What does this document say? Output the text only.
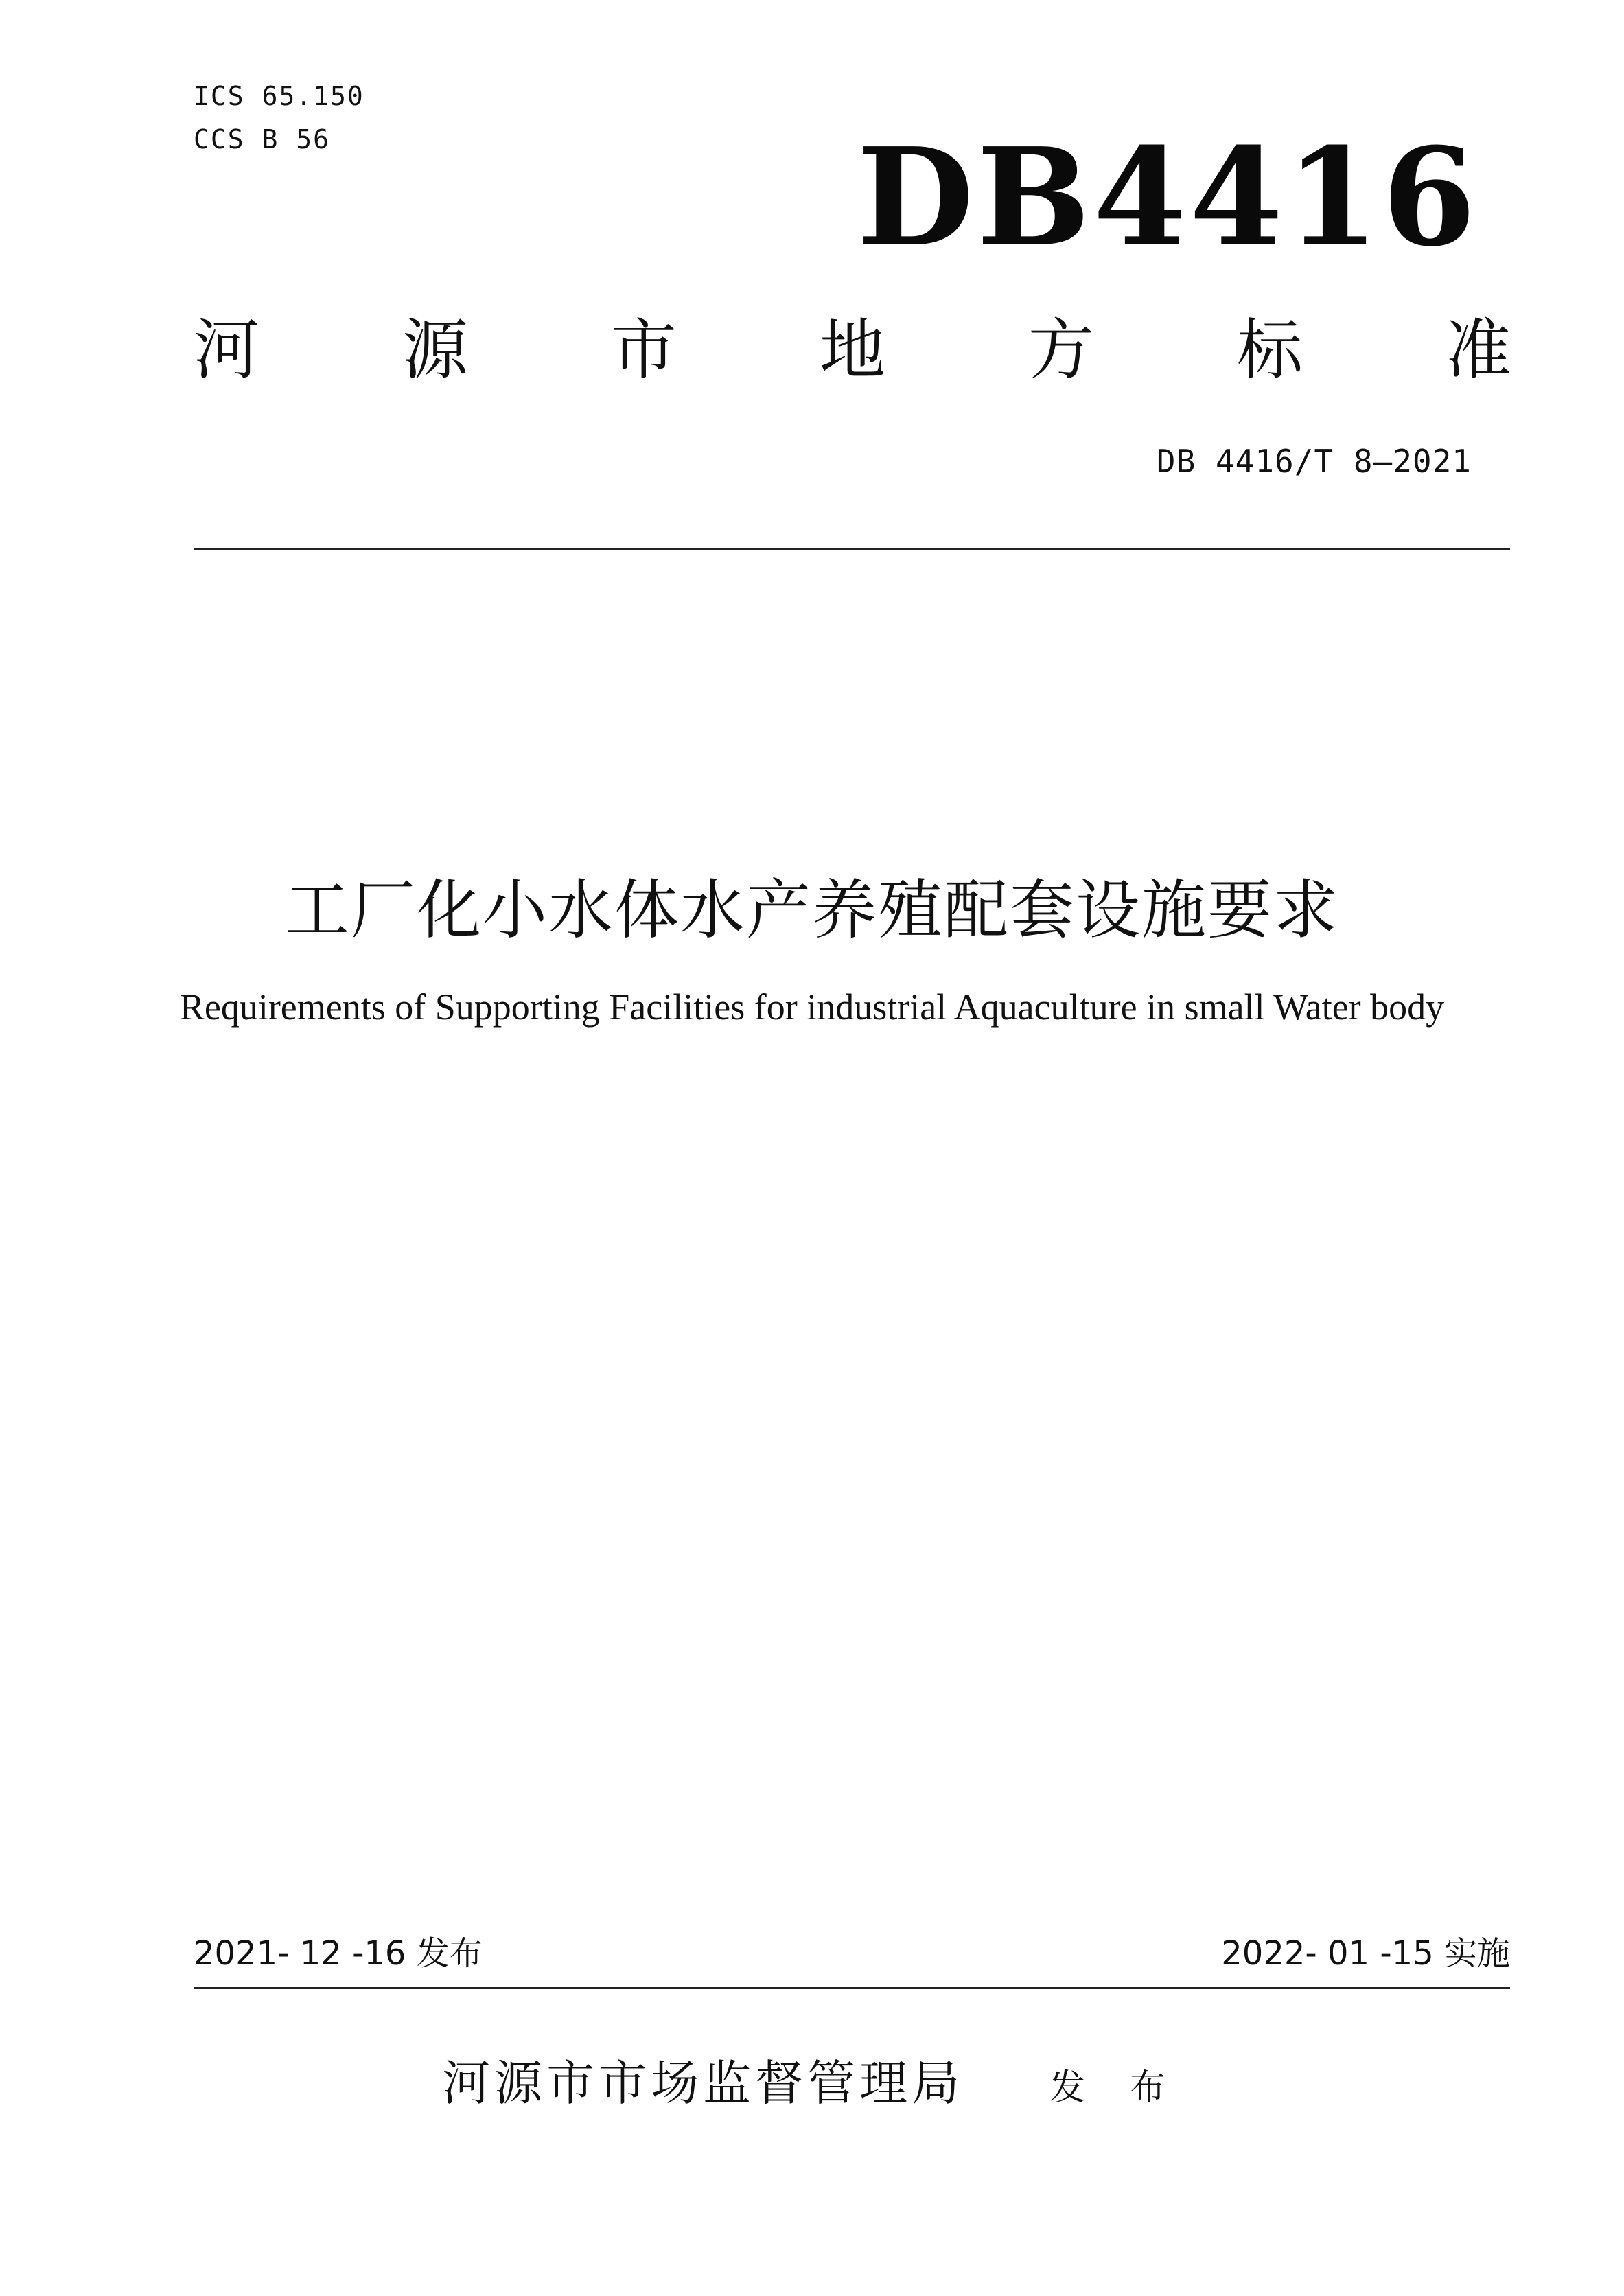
ICS 65.150
CCS B 56	DB4416
河 源 市 地 方 标 准
DB 4416/T 8—2021
工厂化小水体水产养殖配套设施要求
Requirements of Supporting Facilities for industrial Aquaculture in small Water body
2021- 12 -16 发布	2022- 01 -15 实施
河源市市场监督管理局 发 布
